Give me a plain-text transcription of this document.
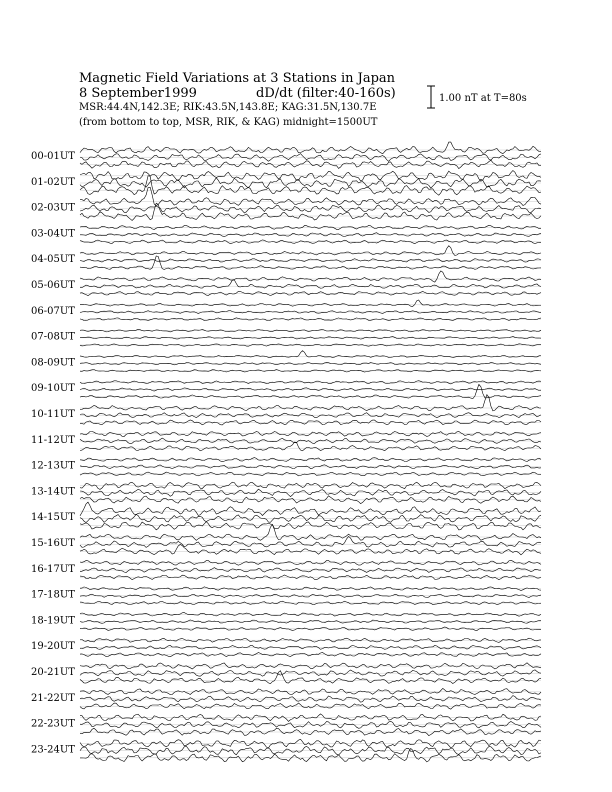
Magnetic Field Variations at 3 Stations in Japan
8 September1999	dD/dt (filter:40-160s)
MSR:44.4N,142.3E; RIK:43.5N,143.8E; KAG:31.5N,130.7E
(from bottom to top, MSR, RIK, & KAG) midnight=1500UT
1.00 nT at T=80s
00-01UT
01-02UT
02-03UT
03-04UT
04-05UT
05-06UT
06-07UT
07-08UT
08-09UT
09-10UT
10-11UT
11-12UT
12-13UT
13-14UT
14-15UT
15-16UT
16-17UT
17-18UT
18-19UT
19-20UT
20-21UT
21-22UT
22-23UT
23-24UT
